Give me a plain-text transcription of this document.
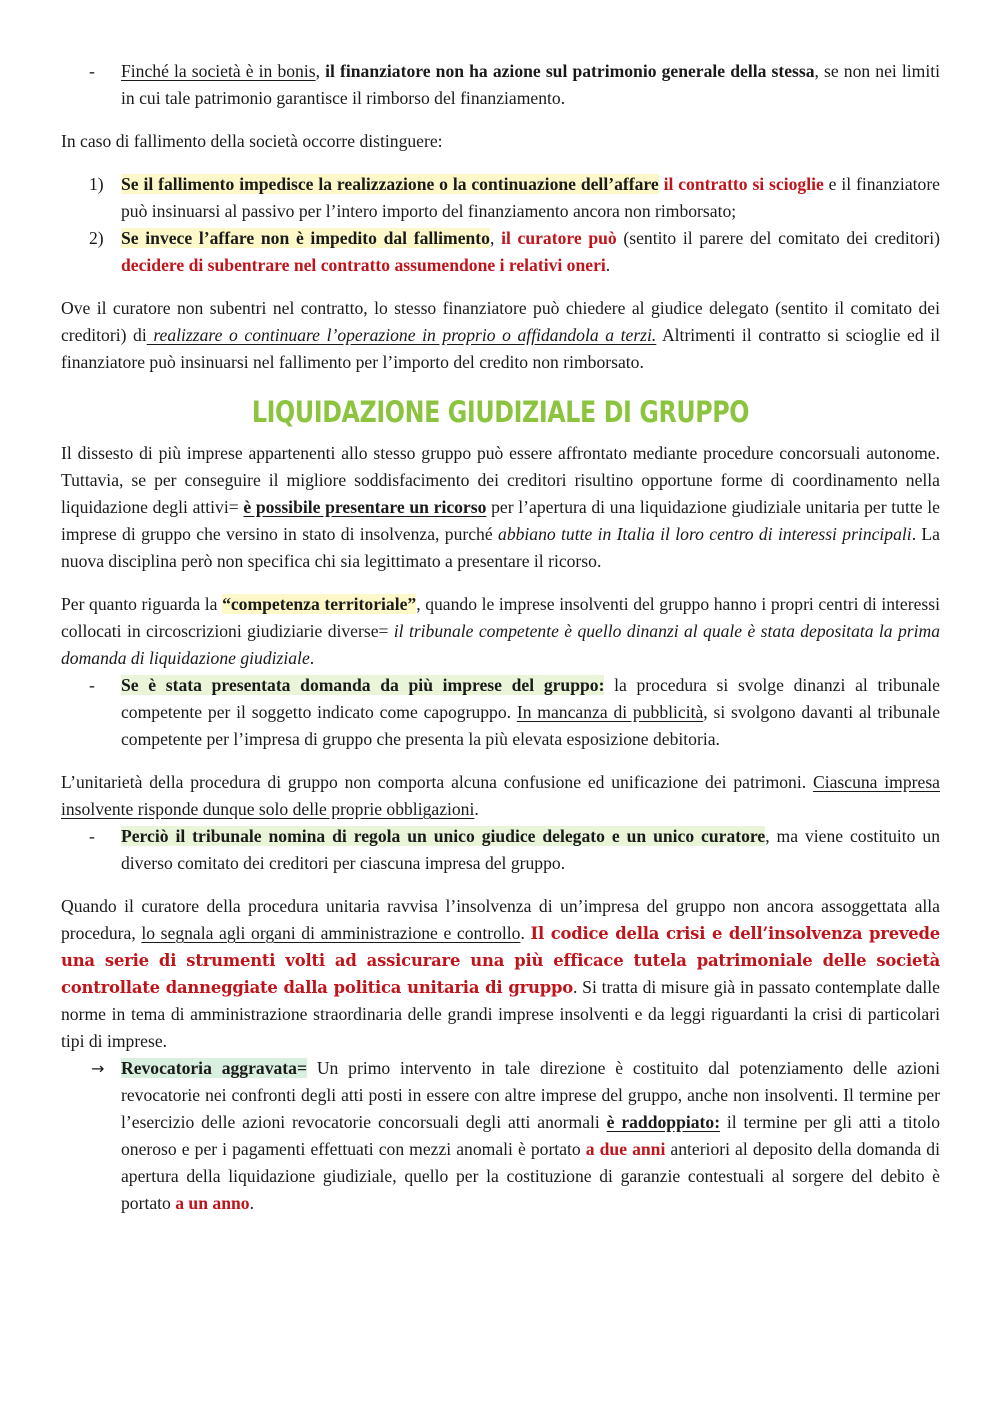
- Finché la società è in bonis, il finanziatore non ha azione sul patrimonio generale della stessa, se non nei limiti in cui tale patrimonio garantisce il rimborso del finanziamento.

In caso di fallimento della società occorre distinguere:

1) Se il fallimento impedisce la realizzazione o la continuazione dell’affare il contratto si scioglie e il finanziatore può insinuarsi al passivo per l’intero importo del finanziamento ancora non rimborsato;

2) Se invece l’affare non è impedito dal fallimento, il curatore può (sentito il parere del comitato dei creditori) decidere di subentrare nel contratto assumendone i relativi oneri.

Ove il curatore non subentri nel contratto, lo stesso finanziatore può chiedere al giudice delegato (sentito il comitato dei creditori) di realizzare o continuare l’operazione in proprio o affidandola a terzi. Altrimenti il contratto si scioglie ed il finanziatore può insinuarsi nel fallimento per l’importo del credito non rimborsato.

LIQUIDAZIONE GIUDIZIALE DI GRUPPO

Il dissesto di più imprese appartenenti allo stesso gruppo può essere affrontato mediante procedure concorsuali autonome. Tuttavia, se per conseguire il migliore soddisfacimento dei creditori risultino opportune forme di coordinamento nella liquidazione degli attivi= è possibile presentare un ricorso per l’apertura di una liquidazione giudiziale unitaria per tutte le imprese di gruppo che versino in stato di insolvenza, purché abbiano tutte in Italia il loro centro di interessi principali. La nuova disciplina però non specifica chi sia legittimato a presentare il ricorso.

Per quanto riguarda la “competenza territoriale”, quando le imprese insolventi del gruppo hanno i propri centri di interessi collocati in circoscrizioni giudiziarie diverse= il tribunale competente è quello dinanzi al quale è stata depositata la prima domanda di liquidazione giudiziale.

- Se è stata presentata domanda da più imprese del gruppo: la procedura si svolge dinanzi al tribunale competente per il soggetto indicato come capogruppo. In mancanza di pubblicità, si svolgono davanti al tribunale competente per l’impresa di gruppo che presenta la più elevata esposizione debitoria.

L’unitarietà della procedura di gruppo non comporta alcuna confusione ed unificazione dei patrimoni. Ciascuna impresa insolvente risponde dunque solo delle proprie obbligazioni.

- Perciò il tribunale nomina di regola un unico giudice delegato e un unico curatore, ma viene costituito un diverso comitato dei creditori per ciascuna impresa del gruppo.

Quando il curatore della procedura unitaria ravvisa l’insolvenza di un’impresa del gruppo non ancora assoggettata alla procedura, lo segnala agli organi di amministrazione e controllo. Il codice della crisi e dell’insolvenza prevede una serie di strumenti volti ad assicurare una più efficace tutela patrimoniale delle società controllate danneggiate dalla politica unitaria di gruppo. Si tratta di misure già in passato contemplate dalle norme in tema di amministrazione straordinaria delle grandi imprese insolventi e da leggi riguardanti la crisi di particolari tipi di imprese.

→ Revocatoria aggravata= Un primo intervento in tale direzione è costituito dal potenziamento delle azioni revocatorie nei confronti degli atti posti in essere con altre imprese del gruppo, anche non insolventi. Il termine per l’esercizio delle azioni revocatorie concorsuali degli atti anormali è raddoppiato: il termine per gli atti a titolo oneroso e per i pagamenti effettuati con mezzi anomali è portato a due anni anteriori al deposito della domanda di apertura della liquidazione giudiziale, quello per la costituzione di garanzie contestuali al sorgere del debito è portato a un anno.
